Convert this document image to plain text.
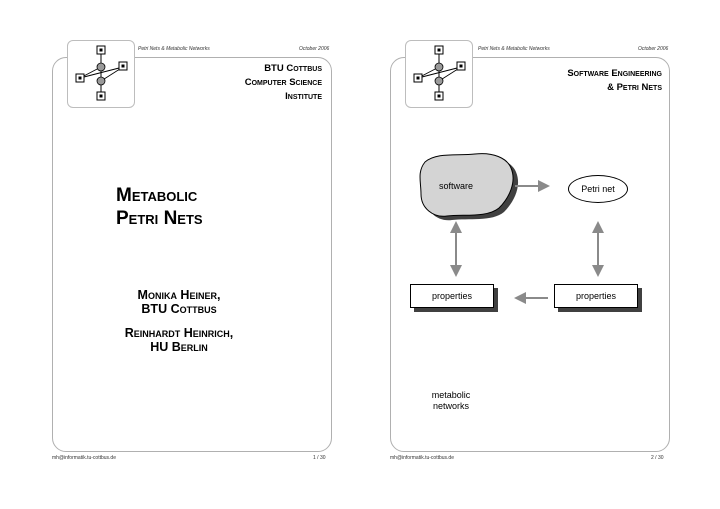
Petri Nets & Metabolic Networks	October 2006
BTU Cottbus
Computer Science
Institute
Metabolic
Petri Nets
Monika Heiner,
BTU Cottbus
Reinhardt Heinrich,
HU Berlin
mh@informatik.tu-cottbus.de	1 / 30
Petri Nets & Metabolic Networks	October 2006
Software Engineering
& Petri Nets
software	Petri net
properties	properties
metabolic
networks
mh@informatik.tu-cottbus.de	2 / 30
